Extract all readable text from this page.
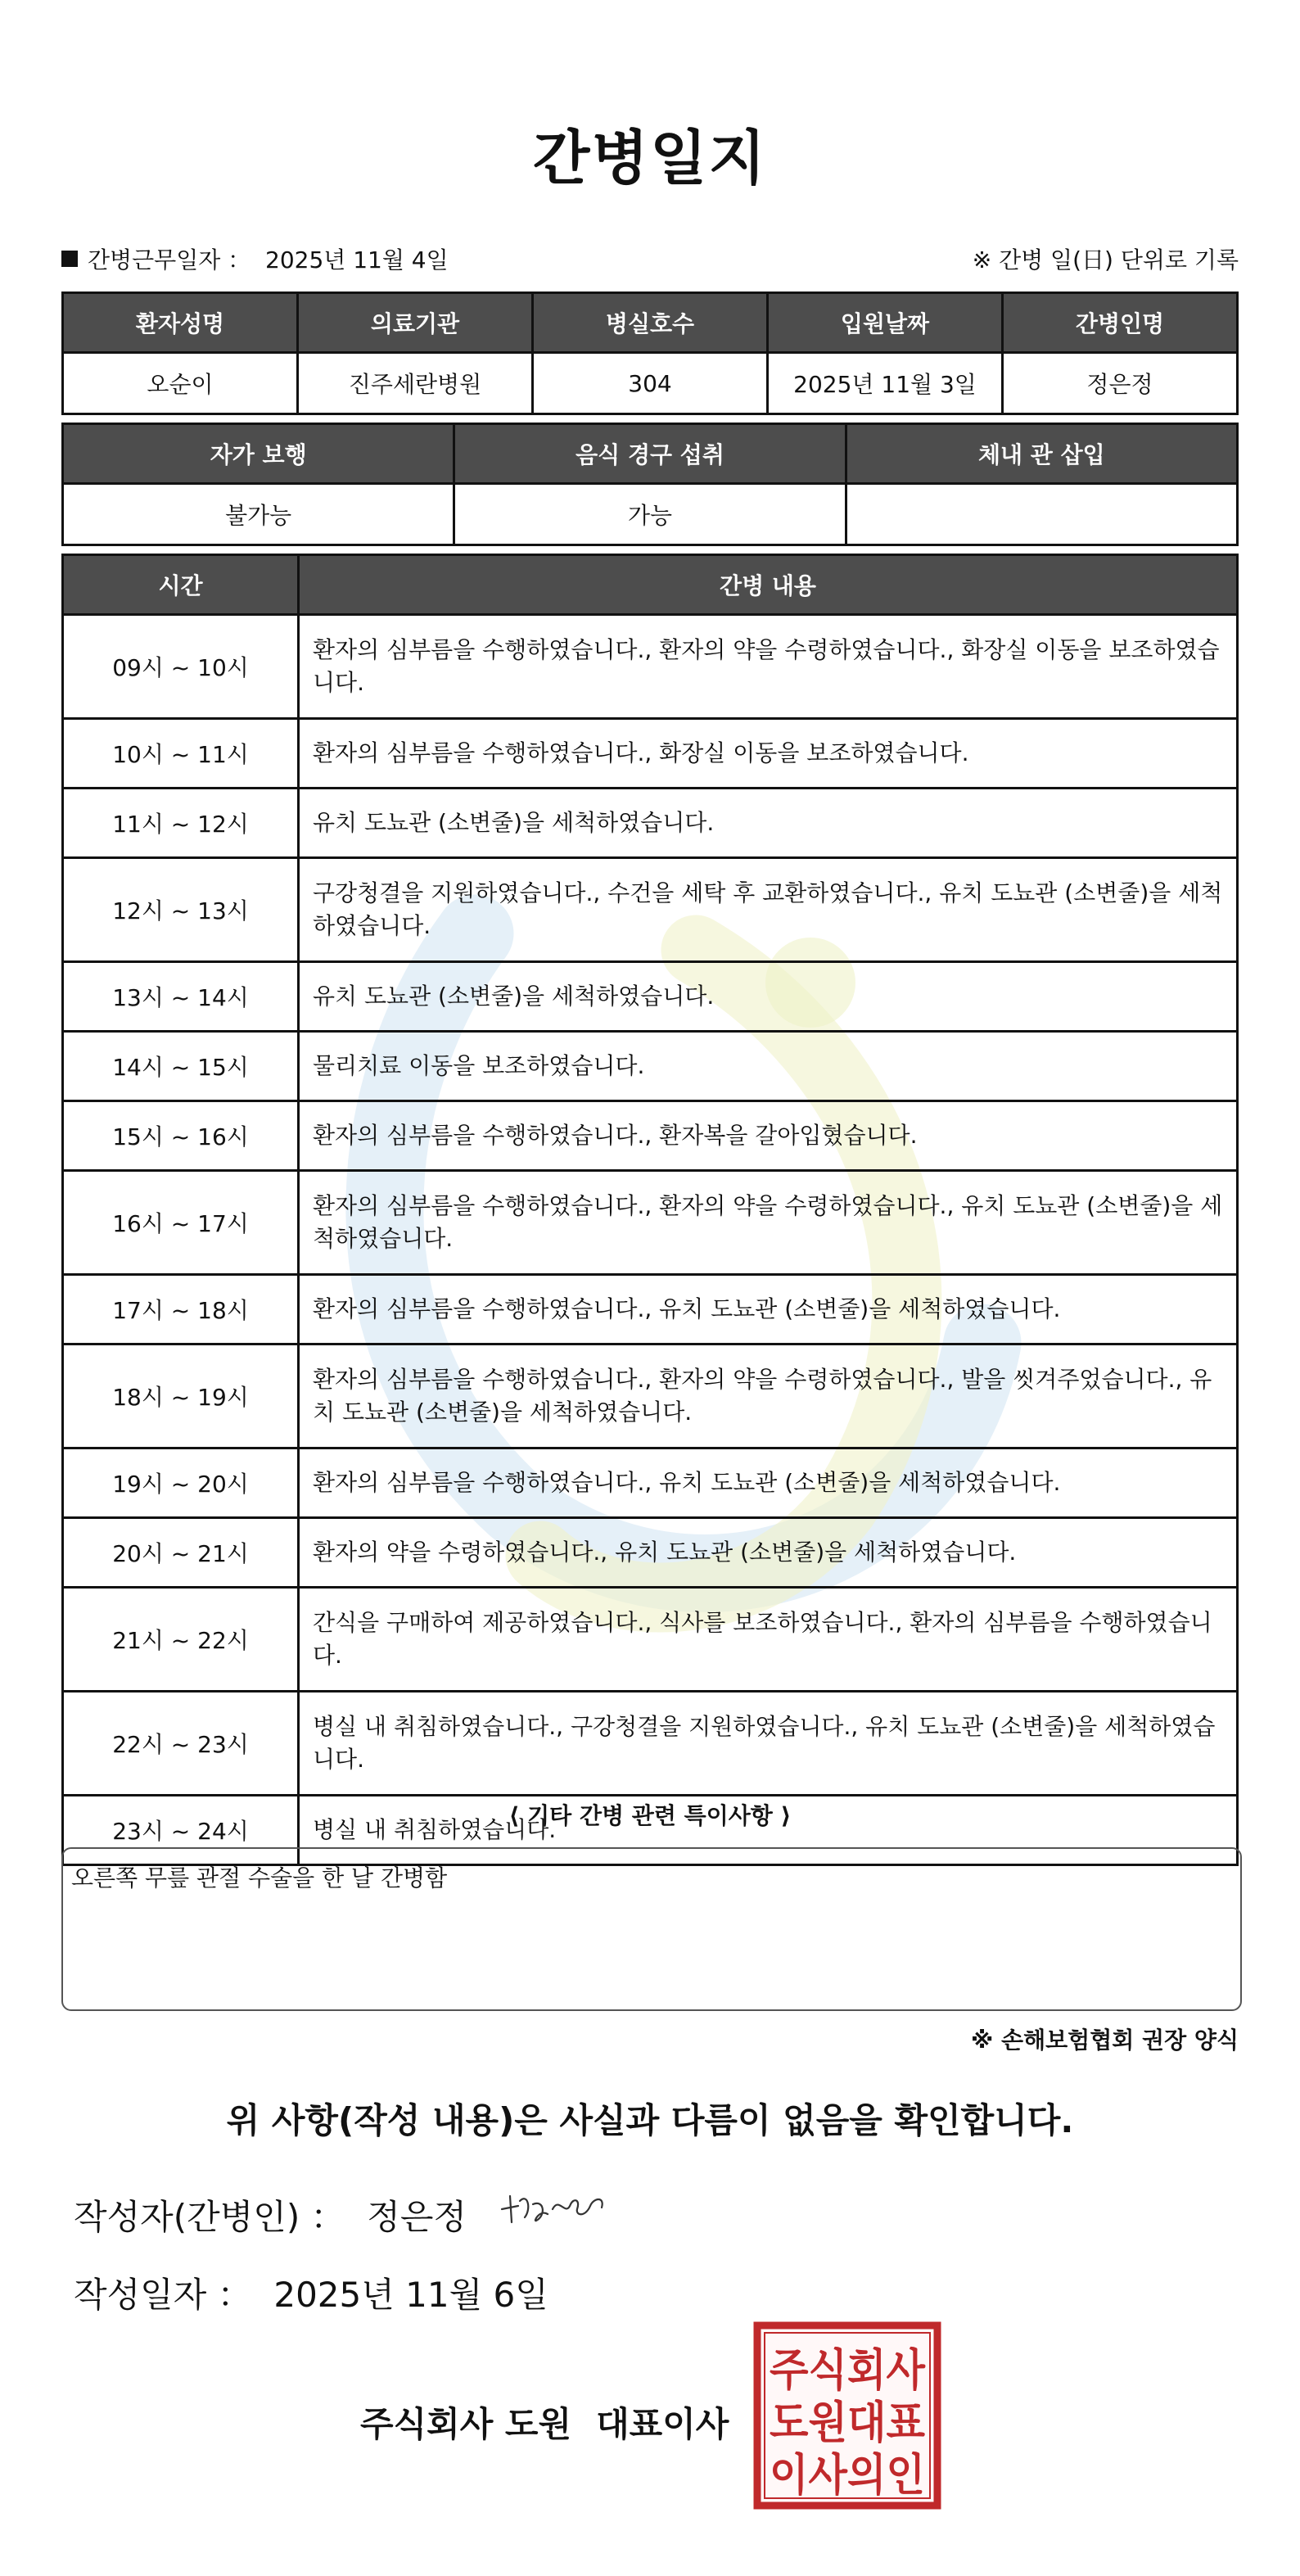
간병일지
간병근무일자 ： 2025년 11월 4일	※ 간병 일(日) 단위로 기록
환자성명	의료기관	병실호수	입원날짜	간병인명
오순이	진주세란병원	304	2025년 11월 3일	정은정
자가 보행	음식 경구 섭취	체내 관 삽입
불가능	가능	
시간	간병 내용
09시 ~ 10시	환자의 심부름을 수행하였습니다., 환자의 약을 수령하였습니다., 화장실 이동을 보조하였습니다.
10시 ~ 11시	환자의 심부름을 수행하였습니다., 화장실 이동을 보조하였습니다.
11시 ~ 12시	유치 도뇨관 (소변줄)을 세척하였습니다.
12시 ~ 13시	구강청결을 지원하였습니다., 수건을 세탁 후 교환하였습니다., 유치 도뇨관 (소변줄)을 세척하였습니다.
13시 ~ 14시	유치 도뇨관 (소변줄)을 세척하였습니다.
14시 ~ 15시	물리치료 이동을 보조하였습니다.
15시 ~ 16시	환자의 심부름을 수행하였습니다., 환자복을 갈아입혔습니다.
16시 ~ 17시	환자의 심부름을 수행하였습니다., 환자의 약을 수령하였습니다., 유치 도뇨관 (소변줄)을 세척하였습니다.
17시 ~ 18시	환자의 심부름을 수행하였습니다., 유치 도뇨관 (소변줄)을 세척하였습니다.
18시 ~ 19시	환자의 심부름을 수행하였습니다., 환자의 약을 수령하였습니다., 발을 씻겨주었습니다., 유치 도뇨관 (소변줄)을 세척하였습니다.
19시 ~ 20시	환자의 심부름을 수행하였습니다., 유치 도뇨관 (소변줄)을 세척하였습니다.
20시 ~ 21시	환자의 약을 수령하였습니다., 유치 도뇨관 (소변줄)을 세척하였습니다.
21시 ~ 22시	간식을 구매하여 제공하였습니다., 식사를 보조하였습니다., 환자의 심부름을 수행하였습니다.
22시 ~ 23시	병실 내 취침하였습니다., 구강청결을 지원하였습니다., 유치 도뇨관 (소변줄)을 세척하였습니다.
23시 ~ 24시	병실 내 취침하였습니다.
⟨ 기타 간병 관련 특이사항 ⟩
오른쪽 무릎 관절 수술을 한 날 간병함
※ 손해보험협회 권장 양식
위 사항(작성 내용)은 사실과 다름이 없음을 확인합니다.
작성자(간병인) ： 정은정
작성일자 ： 2025년 11월 6일
주식회사 도원 대표이사
주식회사
도원대표
이사의인
